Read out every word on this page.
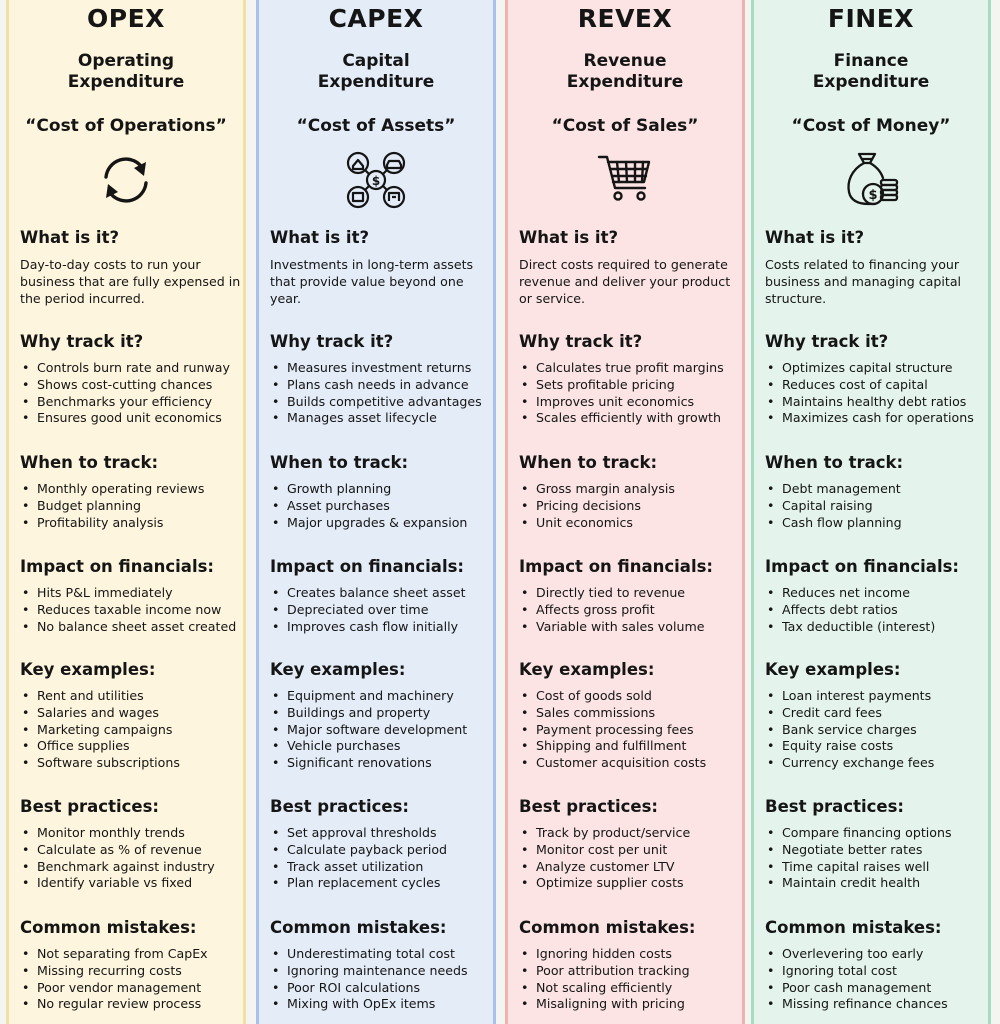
OPEX
Operating
Expenditure
“Cost of Operations”
What is it?
Day-to-day costs to run your business that are fully expensed in the period incurred.
Why track it?
• Controls burn rate and runway
• Shows cost-cutting chances
• Benchmarks your efficiency
• Ensures good unit economics
When to track:
• Monthly operating reviews
• Budget planning
• Profitability analysis
Impact on financials:
• Hits P&L immediately
• Reduces taxable income now
• No balance sheet asset created
Key examples:
• Rent and utilities
• Salaries and wages
• Marketing campaigns
• Office supplies
• Software subscriptions
Best practices:
• Monitor monthly trends
• Calculate as % of revenue
• Benchmark against industry
• Identify variable vs fixed
Common mistakes:
• Not separating from CapEx
• Missing recurring costs
• Poor vendor management
• No regular review process
CAPEX
Capital
Expenditure
“Cost of Assets”
$
What is it?
Investments in long-term assets that provide value beyond one year.
Why track it?
• Measures investment returns
• Plans cash needs in advance
• Builds competitive advantages
• Manages asset lifecycle
When to track:
• Growth planning
• Asset purchases
• Major upgrades & expansion
Impact on financials:
• Creates balance sheet asset
• Depreciated over time
• Improves cash flow initially
Key examples:
• Equipment and machinery
• Buildings and property
• Major software development
• Vehicle purchases
• Significant renovations
Best practices:
• Set approval thresholds
• Calculate payback period
• Track asset utilization
• Plan replacement cycles
Common mistakes:
• Underestimating total cost
• Ignoring maintenance needs
• Poor ROI calculations
• Mixing with OpEx items
REVEX
Revenue
Expenditure
“Cost of Sales”
What is it?
Direct costs required to generate revenue and deliver your product or service.
Why track it?
• Calculates true profit margins
• Sets profitable pricing
• Improves unit economics
• Scales efficiently with growth
When to track:
• Gross margin analysis
• Pricing decisions
• Unit economics
Impact on financials:
• Directly tied to revenue
• Affects gross profit
• Variable with sales volume
Key examples:
• Cost of goods sold
• Sales commissions
• Payment processing fees
• Shipping and fulfillment
• Customer acquisition costs
Best practices:
• Track by product/service
• Monitor cost per unit
• Analyze customer LTV
• Optimize supplier costs
Common mistakes:
• Ignoring hidden costs
• Poor attribution tracking
• Not scaling efficiently
• Misaligning with pricing
FINEX
Finance
Expenditure
“Cost of Money”
$
What is it?
Costs related to financing your business and managing capital structure.
Why track it?
• Optimizes capital structure
• Reduces cost of capital
• Maintains healthy debt ratios
• Maximizes cash for operations
When to track:
• Debt management
• Capital raising
• Cash flow planning
Impact on financials:
• Reduces net income
• Affects debt ratios
• Tax deductible (interest)
Key examples:
• Loan interest payments
• Credit card fees
• Bank service charges
• Equity raise costs
• Currency exchange fees
Best practices:
• Compare financing options
• Negotiate better rates
• Time capital raises well
• Maintain credit health
Common mistakes:
• Overlevering too early
• Ignoring total cost
• Poor cash management
• Missing refinance chances
